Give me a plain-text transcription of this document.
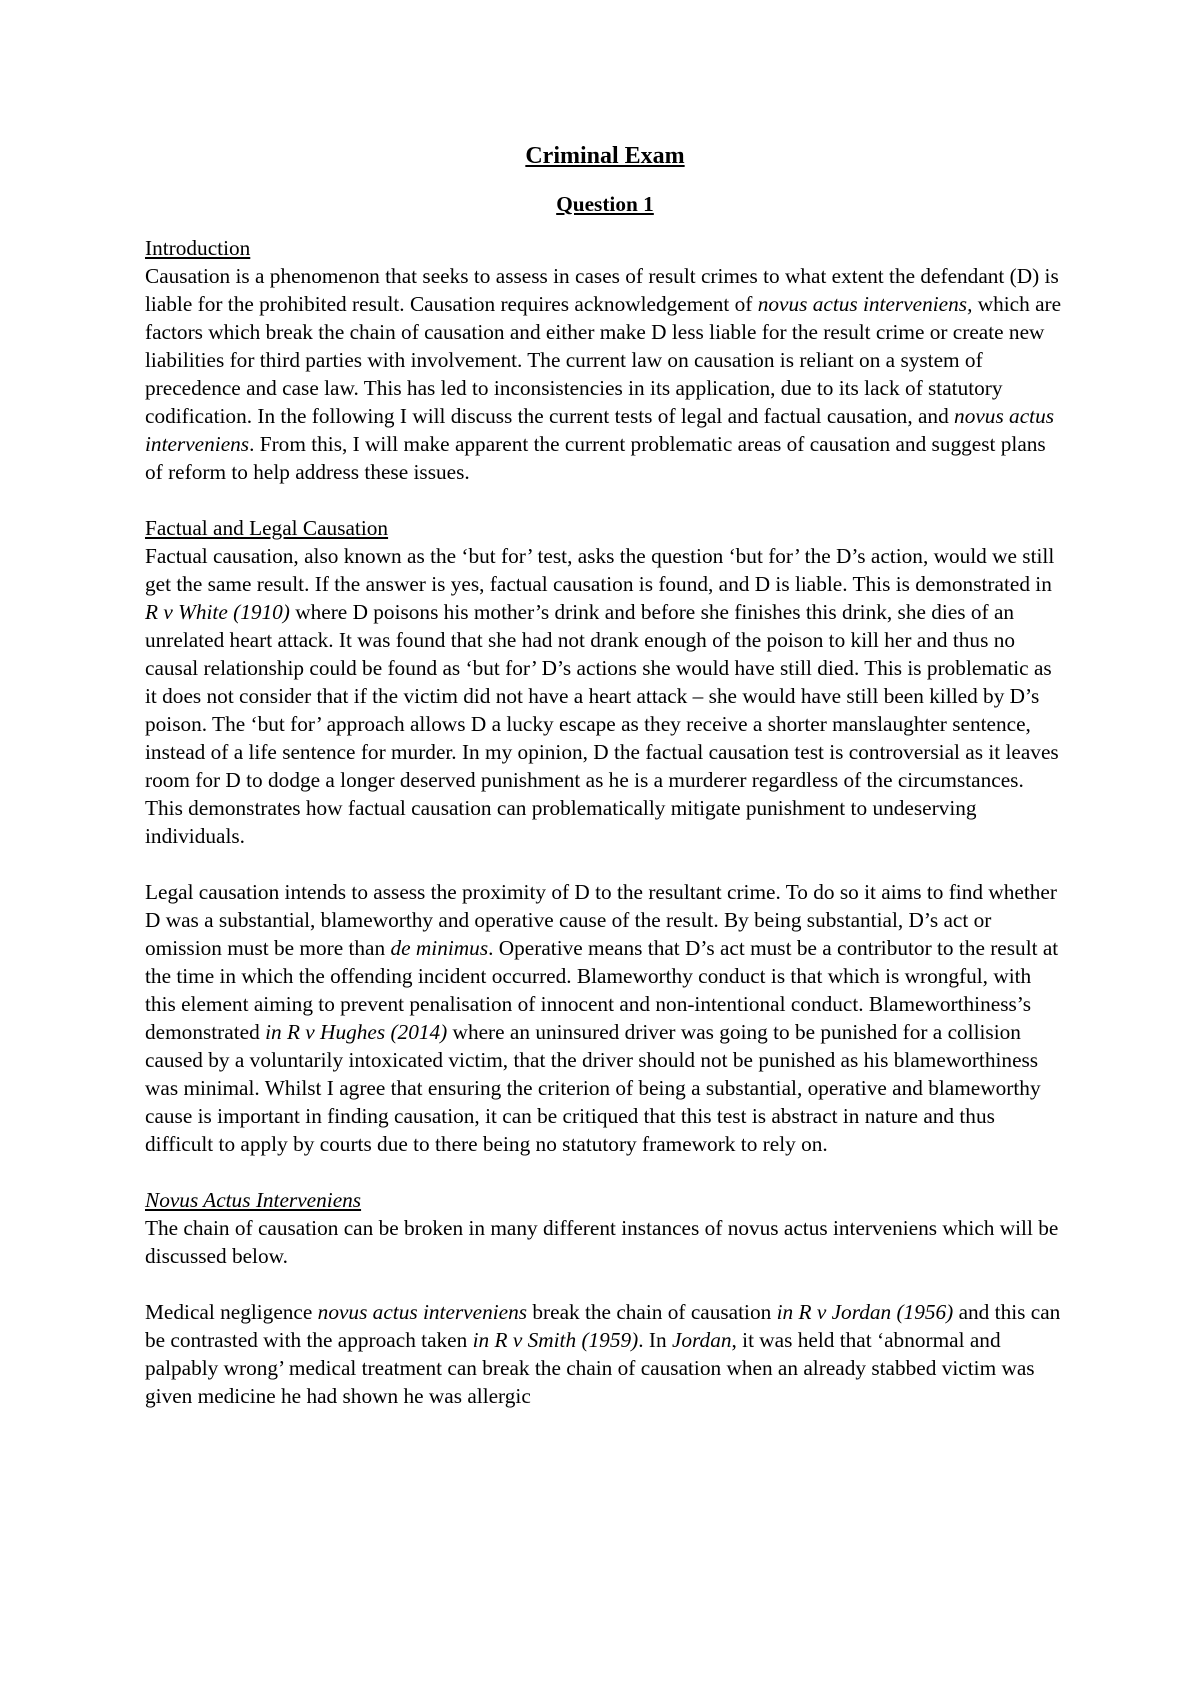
Criminal Exam
Question 1

Introduction

Causation is a phenomenon that seeks to assess in cases of result crimes to what extent the defendant (D) is liable for the prohibited result. Causation requires acknowledgement of novus actus interveniens, which are factors which break the chain of causation and either make D less liable for the result crime or create new liabilities for third parties with involvement. The current law on causation is reliant on a system of precedence and case law. This has led to inconsistencies in its application, due to its lack of statutory codification. In the following I will discuss the current tests of legal and factual causation, and novus actus interveniens. From this, I will make apparent the current problematic areas of causation and suggest plans of reform to help address these issues.

Factual and Legal Causation

Factual causation, also known as the ‘but for’ test, asks the question ‘but for’ the D’s action, would we still get the same result. If the answer is yes, factual causation is found, and D is liable. This is demonstrated in R v White (1910) where D poisons his mother’s drink and before she finishes this drink, she dies of an unrelated heart attack. It was found that she had not drank enough of the poison to kill her and thus no causal relationship could be found as ‘but for’ D’s actions she would have still died. This is problematic as it does not consider that if the victim did not have a heart attack – she would have still been killed by D’s poison. The ‘but for’ approach allows D a lucky escape as they receive a shorter manslaughter sentence, instead of a life sentence for murder. In my opinion, D the factual causation test is controversial as it leaves room for D to dodge a longer deserved punishment as he is a murderer regardless of the circumstances. This demonstrates how factual causation can problematically mitigate punishment to undeserving individuals.

Legal causation intends to assess the proximity of D to the resultant crime. To do so it aims to find whether D was a substantial, blameworthy and operative cause of the result. By being substantial, D’s act or omission must be more than de minimus. Operative means that D’s act must be a contributor to the result at the time in which the offending incident occurred. Blameworthy conduct is that which is wrongful, with this element aiming to prevent penalisation of innocent and non-intentional conduct. Blameworthiness’s demonstrated in R v Hughes (2014) where an uninsured driver was going to be punished for a collision caused by a voluntarily intoxicated victim, that the driver should not be punished as his blameworthiness was minimal. Whilst I agree that ensuring the criterion of being a substantial, operative and blameworthy cause is important in finding causation, it can be critiqued that this test is abstract in nature and thus difficult to apply by courts due to there being no statutory framework to rely on.

Novus Actus Interveniens

The chain of causation can be broken in many different instances of novus actus interveniens which will be discussed below.

Medical negligence novus actus interveniens break the chain of causation in R v Jordan (1956) and this can be contrasted with the approach taken in R v Smith (1959). In Jordan, it was held that ‘abnormal and palpably wrong’ medical treatment can break the chain of causation when an already stabbed victim was given medicine he had shown he was allergic
